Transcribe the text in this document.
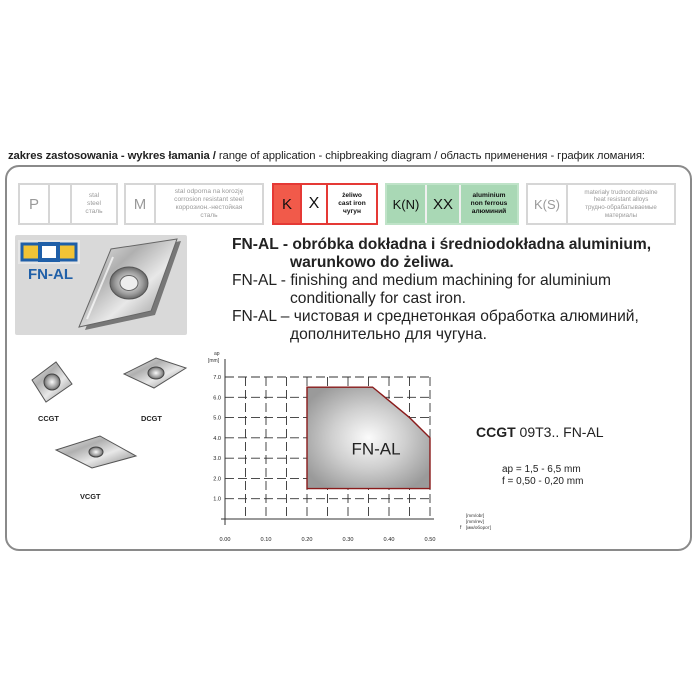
zakres zastosowania - wykres łamania / range of application - chipbreaking diagram / область применения - график ломания:
P	stal
steel
сталь	M
stal odporna na korozję
corrosion resistant steel
коррозион.-нестойкая
сталь
K	X	żeliwo
cast iron
чугун	K(N) XX	aluminium
non ferrous
алюминий	K(S)
materiały trudnoobrabialne
heat resistant alloys
трудно-обрабатываемые
материалы
FN-AL
FN-AL - obróbka dokładna i średniodokładna aluminium,
warunkowo do żeliwa.
FN-AL - finishing and medium machining for aluminium
conditionally for cast iron.
FN-AL – чистовая и среднетонкая обработка алюминий,
дополнительно для чугуна.
CCGT	DCGT
VCGT
FN-AL
1.0
2.0
3.0
4.0
5.0
6.0
7.0
0.00	0.10	0.20	0.30	0.40	0.50
ap
[mm]
[mm/obr]
[mm/rev]
[мм/оборот]
f
CCGT 09T3.. FN-AL
ap = 1,5 - 6,5 mm
f = 0,50 - 0,20 mm
